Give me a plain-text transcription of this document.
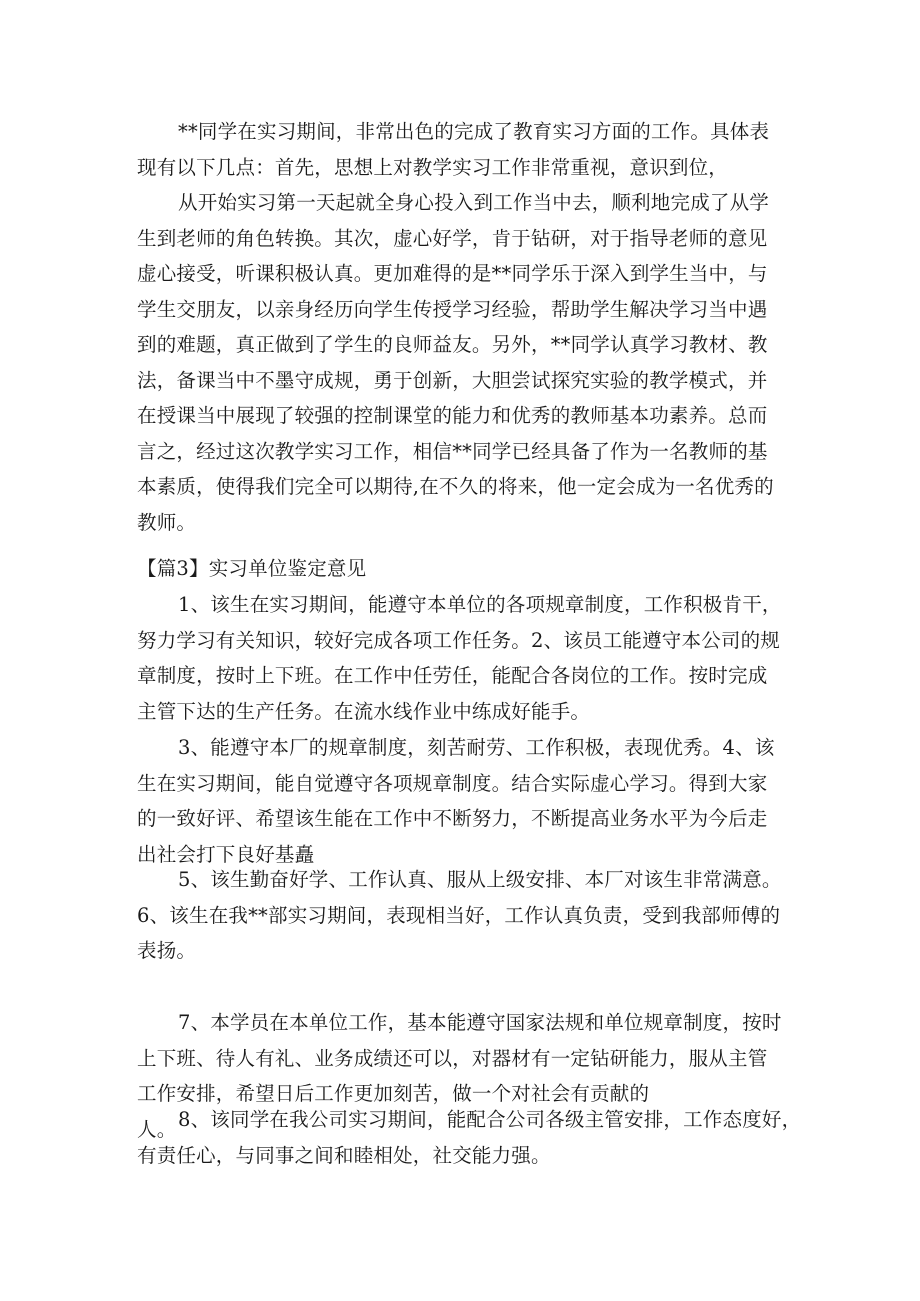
**同学在实习期间，非常出色的完成了教育实习方面的工作。具体表
现有以下几点：首先，思想上对教学实习工作非常重视，意识到位，
从开始实习第一天起就全身心投入到工作当中去，顺利地完成了从学
生到老师的角色转换。其次，虚心好学，肯于钻研，对于指导老师的意见
虚心接受，听课积极认真。更加难得的是**同学乐于深入到学生当中，与
学生交朋友，以亲身经历向学生传授学习经验，帮助学生解决学习当中遇
到的难题，真正做到了学生的良师益友。另外，**同学认真学习教材、教
法，备课当中不墨守成规，勇于创新，大胆尝试探究实验的教学模式，并
在授课当中展现了较强的控制课堂的能力和优秀的教师基本功素养。总而
言之，经过这次教学实习工作，相信**同学已经具备了作为一名教师的基
本素质，使得我们完全可以期待,在不久的将来，他一定会成为一名优秀的
教师。
【篇3】实习单位鉴定意见
1、该生在实习期间，能遵守本单位的各项规章制度，工作积极肯干，
努力学习有关知识，较好完成各项工作任务。2、该员工能遵守本公司的规
章制度，按时上下班。在工作中任劳任，能配合各岗位的工作。按时完成
主管下达的生产任务。在流水线作业中练成好能手。
3、能遵守本厂的规章制度，刻苦耐劳、工作积极，表现优秀。4、该
生在实习期间，能自觉遵守各项规章制度。结合实际虚心学习。得到大家
的一致好评、希望该生能在工作中不断努力，不断提高业务水平为今后走
出社会打下良好基矗
5、该生勤奋好学、工作认真、服从上级安排、本厂对该生非常满意。
6、该生在我**部实习期间，表现相当好，工作认真负责，受到我部师傅的
表扬。
7、本学员在本单位工作，基本能遵守国家法规和单位规章制度，按时
上下班、待人有礼、业务成绩还可以，对器材有一定钻研能力，服从主管
工作安排，希望日后工作更加刻苦，做一个对社会有贡献的
人。 8、该同学在我公司实习期间，能配合公司各级主管安排，工作态度好，
有责任心，与同事之间和睦相处，社交能力强。
